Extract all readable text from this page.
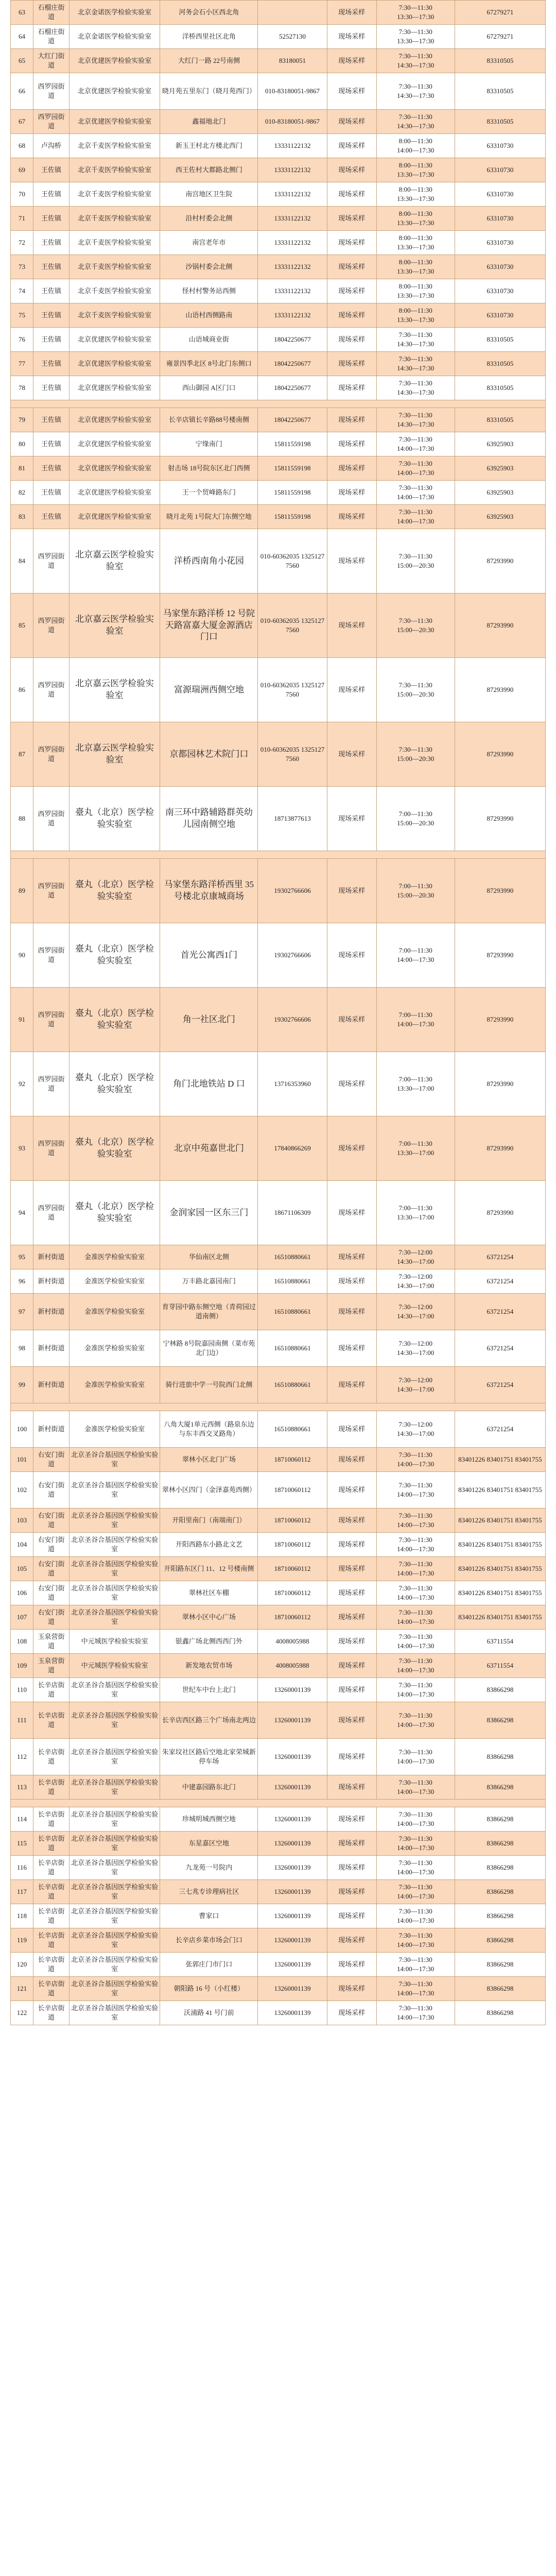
63	石榴庄街道	北京金诺医学检验实验室	河务会石小区西北角		现场采样	7:30—11:30
13:30—17:30	67279271
64	石榴庄街道	北京金诺医学检验实验室	洋桥西里社区北角	52527130	现场采样	7:30—11:30
13:30—17:30	67279271
65	大红门街道	北京优建医学检验实验室	大红门一路 22号南侧	83180051	现场采样	7:30—11:30
14:30—17:30	83310505
66	西罗园街道	北京优建医学检验实验室	晓月苑五里东门（晓月苑西门）	010-83180051-9867	现场采样	7:30—11:30
14:30—17:30	83310505
67	西罗园街道	北京优建医学检验实验室	鑫福地北门	010-83180051-9867	现场采样	7:30—11:30
14:30—17:30	83310505
68	卢沟桥	北京千麦医学检验实验室	新玉王村北方楼北西门	13331122132	现场采样	8:00—11:30
14:00—17:30	63310730
69	王佐镇	北京千麦医学检验实验室	西王佐村大都路北侧门	13331122132	现场采样	8:00—11:30
13:30—17:30	63310730
70	王佐镇	北京千麦医学检验实验室	南宫地区卫生院	13331122132	现场采样	8:00—11:30
13:30—17:30	63310730
71	王佐镇	北京千麦医学检验实验室	沿村村委会北侧	13331122132	现场采样	8:00—11:30
13:30—17:30	63310730
72	王佐镇	北京千麦医学检验实验室	南宫老年市	13331122132	现场采样	8:00—11:30
13:30—17:30	63310730
73	王佐镇	北京千麦医学检验实验室	沙锅村委会北侧	13331122132	现场采样	8:00—11:30
13:30—17:30	63310730
74	王佐镇	北京千麦医学检验实验室	怪村村警务站西侧	13331122132	现场采样	8:00—11:30
13:30—17:30	63310730
75	王佐镇	北京千麦医学检验实验室	山语村西侧路南	13331122132	现场采样	8:00—11:30
13:30—17:30	63310730
76	王佐镇	北京优建医学检验实验室	山语城商业街	18042250677	现场采样	7:30—11:30
14:30—17:30	83310505
77	王佐镇	北京优建医学检验实验室	雍景四季北区 8号北门东侧口	18042250677	现场采样	7:30—11:30
14:30—17:30	83310505
78	王佐镇	北京优建医学检验实验室	西山御园 A区门口	18042250677	现场采样	7:30—11:30
14:30—17:30	83310505

79	王佐镇	北京优建医学检验实验室	长辛店镇长辛路88号楼南侧	18042250677	现场采样	7:30—11:30
14:30—17:30	83310505
80	王佐镇	北京优建医学检验实验室	宁缘南门	15811559198	现场采样	7:30—11:30
14:00—17:30	63925903
81	王佐镇	北京优建医学检验实验室	射击场 18号院东区北门西侧	15811559198	现场采样	7:30—11:30
14:00—17:30	63925903
82	王佐镇	北京优建医学检验实验室	王一个贸峰路东门	15811559198	现场采样	7:30—11:30
14:00—17:30	63925903
83	王佐镇	北京优建医学检验实验室	晓月北苑 1号院大门东侧空地	15811559198	现场采样	7:30—11:30
14:00—17:30	63925903
84	西罗园街道	北京嘉云医学检验实验室	洋桥西南角小花园	010-60362035 13251277560	现场采样	7:30—11:30
15:00—20:30	87293990
85	西罗园街道	北京嘉云医学检验实验室	马家堡东路洋桥 12 号院天路富嘉大厦金源酒店门口	010-60362035 13251277560	现场采样	7:30—11:30
15:00—20:30	87293990
86	西罗园街道	北京嘉云医学检验实验室	富源瑞洲西侧空地	010-60362035 13251277560	现场采样	7:30—11:30
15:00—20:30	87293990
87	西罗园街道	北京嘉云医学检验实验室	京都园林艺术院门口	010-60362035 13251277560	现场采样	7:30—11:30
15:00—20:30	87293990
88	西罗园街道	臺丸（北京）医学检验实验室	南三环中路辅路群英幼儿园南侧空地	18713877613	现场采样	7:00—11:30
15:00—20:30	87293990

89	西罗园街道	臺丸（北京）医学检验实验室	马家堡东路洋桥西里 35 号楼北京康城商场	19302766606	现场采样	7:00—11:30
15:00—20:30	87293990
90	西罗园街道	臺丸（北京）医学检验实验室	首光公寓西1门	19302766606	现场采样	7:00—11:30
14:00—17:30	87293990
91	西罗园街道	臺丸（北京）医学检验实验室	角一社区北门	19302766606	现场采样	7:00—11:30
14:00—17:30	87293990
92	西罗园街道	臺丸（北京）医学检验实验室	角门北地铁站 D 口	13716353960	现场采样	7:00—11:30
13:30—17:00	87293990
93	西罗园街道	臺丸（北京）医学检验实验室	北京中苑嘉世北门	17840866269	现场采样	7:00—11:30
13:30—17:00	87293990
94	西罗园街道	臺丸（北京）医学检验实验室	金润家园一区东三门	18671106309	现场采样	7:00—11:30
13:30—17:00	87293990
95	新村街道	金准医学检验实验室	华仙南区北侧	16510880661	现场采样	7:30—12:00
14:30—17:00	63721254
96	新村街道	金准医学检验实验室	万丰路北嘉园南门	16510880661	现场采样	7:30—12:00
14:30—17:00	63721254
97	新村街道	金准医学检验实验室	育芽园中路东侧空地（青荷园过道南侧）	16510880661	现场采样	7:30—12:00
14:30—17:00	63721254
98	新村街道	金准医学检验实验室	宁林路 8号院嘉园南侧（菜市苑北门边）	16510880661	现场采样	7:30—12:00
14:30—17:00	63721254
99	新村街道	金准医学检验实验室	骑行进旅中学一号院西门北侧	16510880661	现场采样	7:30—12:00
14:30—17:00	63721254

100	新村街道	金准医学检验实验室	八角大厦1单元西侧（路泉东边与东丰西交叉路角）	16510880661	现场采样	7:30—12:00
14:30—17:00	63721254
101	右安门街道	北京圣谷合基因医学检验实验室	翠林小区北门广场	18710060112	现场采样	7:30—11:30
14:00—17:30	83401226 83401751 83401755
102	右安门街道	北京圣谷合基因医学检验实验室	翠林小区四门（金泽嘉苑西侧）	18710060112	现场采样	7:30—11:30
14:00—17:30	83401226 83401751 83401755
103	右安门街道	北京圣谷合基因医学检验实验室	开阳里南门（南端南门）	18710060112	现场采样	7:30—11:30
14:00—17:30	83401226 83401751 83401755
104	右安门街道	北京圣谷合基因医学检验实验室	开阳西路东小路北文艺	18710060112	现场采样	7:30—11:30
14:00—17:30	83401226 83401751 83401755
105	右安门街道	北京圣谷合基因医学检验实验室	开阳路东区门 11、12 号楼南侧	18710060112	现场采样	7:30—11:30
14:00—17:30	83401226 83401751 83401755
106	右安门街道	北京圣谷合基因医学检验实验室	翠林社区车棚	18710060112	现场采样	7:30—11:30
14:00—17:30	83401226 83401751 83401755
107	右安门街道	北京圣谷合基因医学检验实验室	翠林小区中心广场	18710060112	现场采样	7:30—11:30
14:00—17:30	83401226 83401751 83401755
108	玉泉营街道	中元城医学检验实验室	银鑫广场北侧西西门外	4008005988	现场采样	7:30—11:30
14:00—17:30	63711554
109	玉泉营街道	中元城医学检验实验室	新发地农贸市场	4008005988	现场采样	7:30—11:30
14:00—17:30	63711554
110	长辛店街道	北京圣谷合基因医学检验实验室	世纪车中台上北门	13260001139	现场采样	7:30—11:30
14:00—17:30	83866298
111	长辛店街道	北京圣谷合基因医学检验实验室	长辛店西区路三个广场南北两边	13260001139	现场采样	7:30—11:30
14:00—17:30	83866298
112	长辛店街道	北京圣谷合基因医学检验实验室	朱家坟社区路后空地北家荣城新停车场	13260001139	现场采样	7:30—11:30
14:00—17:30	83866298
113	长辛店街道	北京圣谷合基因医学检验实验室	中建嘉园路东北门	13260001139	现场采样	7:30—11:30
14:00—17:30	83866298

114	长辛店街道	北京圣谷合基因医学检验实验室	珍城明城西侧空地	13260001139	现场采样	7:30—11:30
14:00—17:30	83866298
115	长辛店街道	北京圣谷合基因医学检验实验室	东星嘉区空地	13260001139	现场采样	7:30—11:30
14:00—17:30	83866298
116	长辛店街道	北京圣谷合基因医学检验实验室	九龙苑一号院内	13260001139	现场采样	7:30—11:30
14:00—17:30	83866298
117	长辛店街道	北京圣谷合基因医学检验实验室	三七兆专诊理病社区	13260001139	现场采样	7:30—11:30
14:00—17:30	83866298
118	长辛店街道	北京圣谷合基因医学检验实验室	曹家口	13260001139	现场采样	7:30—11:30
14:00—17:30	83866298
119	长辛店街道	北京圣谷合基因医学检验实验室	长辛店乡菜市场会门口	13260001139	现场采样	7:30—11:30
14:00—17:30	83866298
120	长辛店街道	北京圣谷合基因医学检验实验室	张郭庄门市门口	13260001139	现场采样	7:30—11:30
14:00—17:30	83866298
121	长辛店街道	北京圣谷合基因医学检验实验室	朝阳路 16 号（小红楼）	13260001139	现场采样	7:30—11:30
14:00—17:30	83866298
122	长辛店街道	北京圣谷合基因医学检验实验室	沃浦路 41 号门前	13260001139	现场采样	7:30—11:30
14:00—17:30	83866298
